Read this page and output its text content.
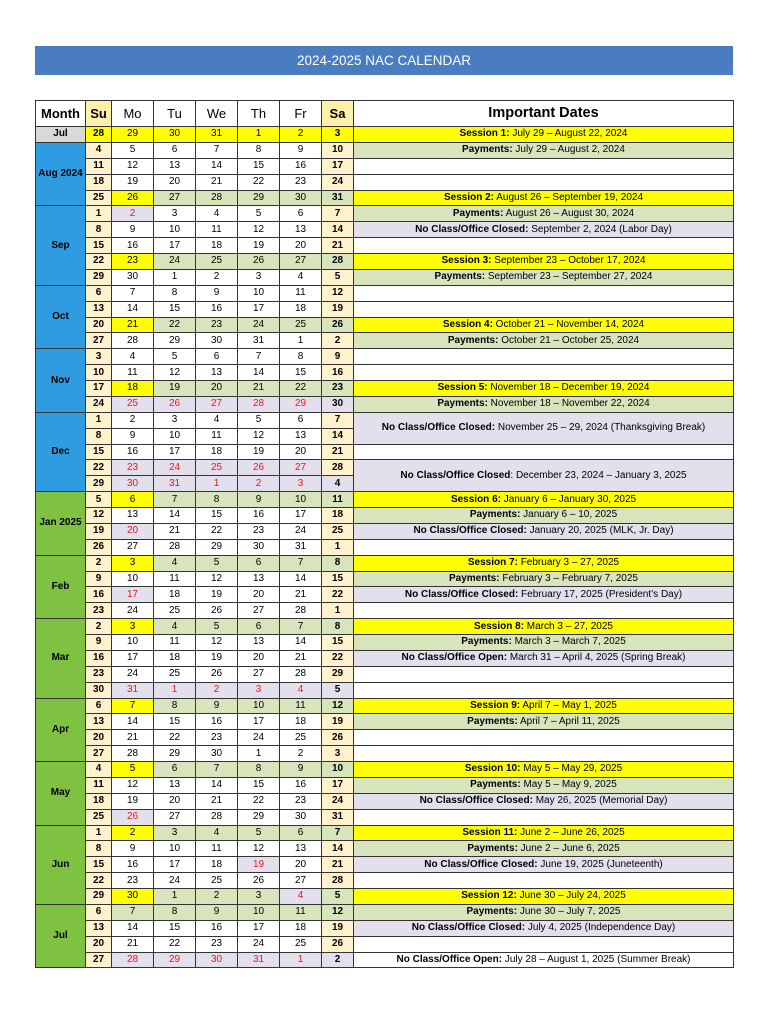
2024-2025 NAC CALENDAR
Month	Su	Mo	Tu	We	Th	Fr	Sa	Important Dates
Jul	28	29	30	31	1	2	3	Session 1: July 29 – August 22, 2024
Aug 2024	4	5	6	7	8	9	10	Payments: July 29 – August 2, 2024
	11	12	13	14	15	16	17	
	18	19	20	21	22	23	24	
	25	26	27	28	29	30	31	Session 2: August 26 – September 19, 2024
Sep	1	2	3	4	5	6	7	Payments: August 26 – August 30, 2024
	8	9	10	11	12	13	14	No Class/Office Closed: September 2, 2024 (Labor Day)
	15	16	17	18	19	20	21	
	22	23	24	25	26	27	28	Session 3: September 23 – October 17, 2024
	29	30	1	2	3	4	5	Payments: September 23 – September 27, 2024
Oct	6	7	8	9	10	11	12	
	13	14	15	16	17	18	19	
	20	21	22	23	24	25	26	Session 4: October 21 – November 14, 2024
	27	28	29	30	31	1	2	Payments: October 21 – October 25, 2024
Nov	3	4	5	6	7	8	9	
	10	11	12	13	14	15	16	
	17	18	19	20	21	22	23	Session 5: November 18 – December 19, 2024
	24	25	26	27	28	29	30	Payments: November 18 – November 22, 2024
Dec	1	2	3	4	5	6	7	No Class/Office Closed: November 25 – 29, 2024 (Thanksgiving Break)
	8	9	10	11	12	13	14	
	15	16	17	18	19	20	21	
	22	23	24	25	26	27	28	No Class/Office Closed: December 23, 2024 – January 3, 2025
	29	30	31	1	2	3	4	
Jan 2025	5	6	7	8	9	10	11	Session 6: January 6 – January 30, 2025
	12	13	14	15	16	17	18	Payments: January 6 – 10, 2025
	19	20	21	22	23	24	25	No Class/Office Closed: January 20, 2025 (MLK, Jr. Day)
	26	27	28	29	30	31	1	
Feb	2	3	4	5	6	7	8	Session 7: February 3 – 27, 2025
	9	10	11	12	13	14	15	Payments: February 3 – February 7, 2025
	16	17	18	19	20	21	22	No Class/Office Closed: February 17, 2025 (President’s Day)
	23	24	25	26	27	28	1	
Mar	2	3	4	5	6	7	8	Session 8: March 3 – 27, 2025
	9	10	11	12	13	14	15	Payments: March 3 – March 7, 2025
	16	17	18	19	20	21	22	No Class/Office Open: March 31 – April 4, 2025 (Spring Break)
	23	24	25	26	27	28	29	
	30	31	1	2	3	4	5	
Apr	6	7	8	9	10	11	12	Session 9: April 7 – May 1, 2025
	13	14	15	16	17	18	19	Payments: April 7 – April 11, 2025
	20	21	22	23	24	25	26	
	27	28	29	30	1	2	3	
May	4	5	6	7	8	9	10	Session 10: May 5 – May 29, 2025
	11	12	13	14	15	16	17	Payments: May 5 – May 9, 2025
	18	19	20	21	22	23	24	No Class/Office Closed: May 26, 2025 (Memorial Day)
	25	26	27	28	29	30	31	
Jun	1	2	3	4	5	6	7	Session 11: June 2 – June 26, 2025
	8	9	10	11	12	13	14	Payments: June 2 – June 6, 2025
	15	16	17	18	19	20	21	No Class/Office Closed: June 19, 2025 (Juneteenth)
	22	23	24	25	26	27	28	
	29	30	1	2	3	4	5	Session 12: June 30 – July 24, 2025
Jul	6	7	8	9	10	11	12	Payments: June 30 – July 7, 2025
	13	14	15	16	17	18	19	No Class/Office Closed: July 4, 2025 (Independence Day)
	20	21	22	23	24	25	26	
	27	28	29	30	31	1	2	No Class/Office Open: July 28 – August 1, 2025 (Summer Break)
